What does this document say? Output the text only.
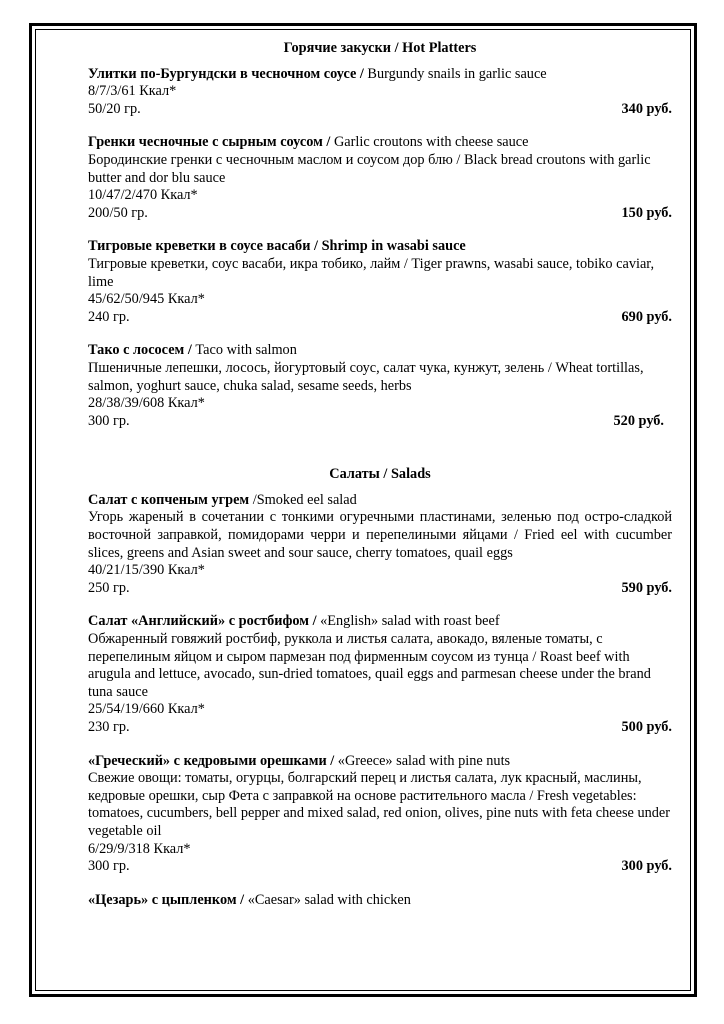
Горячие закуски / Hot Platters
Улитки по-Бургундски в чесночном соусе / Burgundy snails in garlic sauce
8/7/3/61 Ккал*
50/20 гр.	340 руб.
Гренки чесночные с сырным соусом / Garlic croutons with cheese sauce
Бородинские гренки с чесночным маслом и соусом дор блю / Black bread croutons with garlic butter and dor blu sauce
10/47/2/470 Ккал*
200/50 гр.	150 руб.
Тигровые креветки в соусе васаби / Shrimp in wasabi sauce
Тигровые креветки, соус васаби, икра тобико, лайм / Tiger prawns, wasabi sauce, tobiko caviar, lime
45/62/50/945 Ккал*
240 гр.	690 руб.
Тако с лососем / Taco with salmon
Пшеничные лепешки, лосось, йогуртовый соус, салат чука, кунжут, зелень / Wheat tortillas, salmon, yoghurt sauce, chuka salad, sesame seeds, herbs
28/38/39/608 Ккал*
300 гр.	520 руб.
Салаты / Salads
Салат с копченым угрем /Smoked eel salad
Угорь жареный в сочетании с тонкими огуречными пластинами, зеленью под остро-сладкой восточной заправкой, помидорами черри и перепелиными яйцами / Fried eel with cucumber slices, greens and Asian sweet and sour sauce, cherry tomatoes, quail eggs
40/21/15/390 Ккал*
250 гр.	590 руб.
Салат «Английский» с ростбифом / «English» salad with roast beef
Обжаренный говяжий ростбиф, руккола и листья салата, авокадо, вяленые томаты, с перепелиным яйцом и сыром пармезан под фирменным соусом из тунца / Roast beef with arugula and lettuce, avocado, sun-dried tomatoes, quail eggs and parmesan cheese under the brand tuna sauce
25/54/19/660 Ккал*
230 гр.	500 руб.
«Греческий» с кедровыми орешками / «Greece» salad with pine nuts
Свежие овощи: томаты, огурцы, болгарский перец и листья салата, лук красный, маслины, кедровые орешки, сыр Фета с заправкой на основе растительного масла / Fresh vegetables: tomatoes, cucumbers, bell pepper and mixed salad, red onion, olives, pine nuts with feta cheese under vegetable oil
6/29/9/318 Ккал*
300 гр.	300 руб.
«Цезарь» с цыпленком / «Caesar» salad with chicken
